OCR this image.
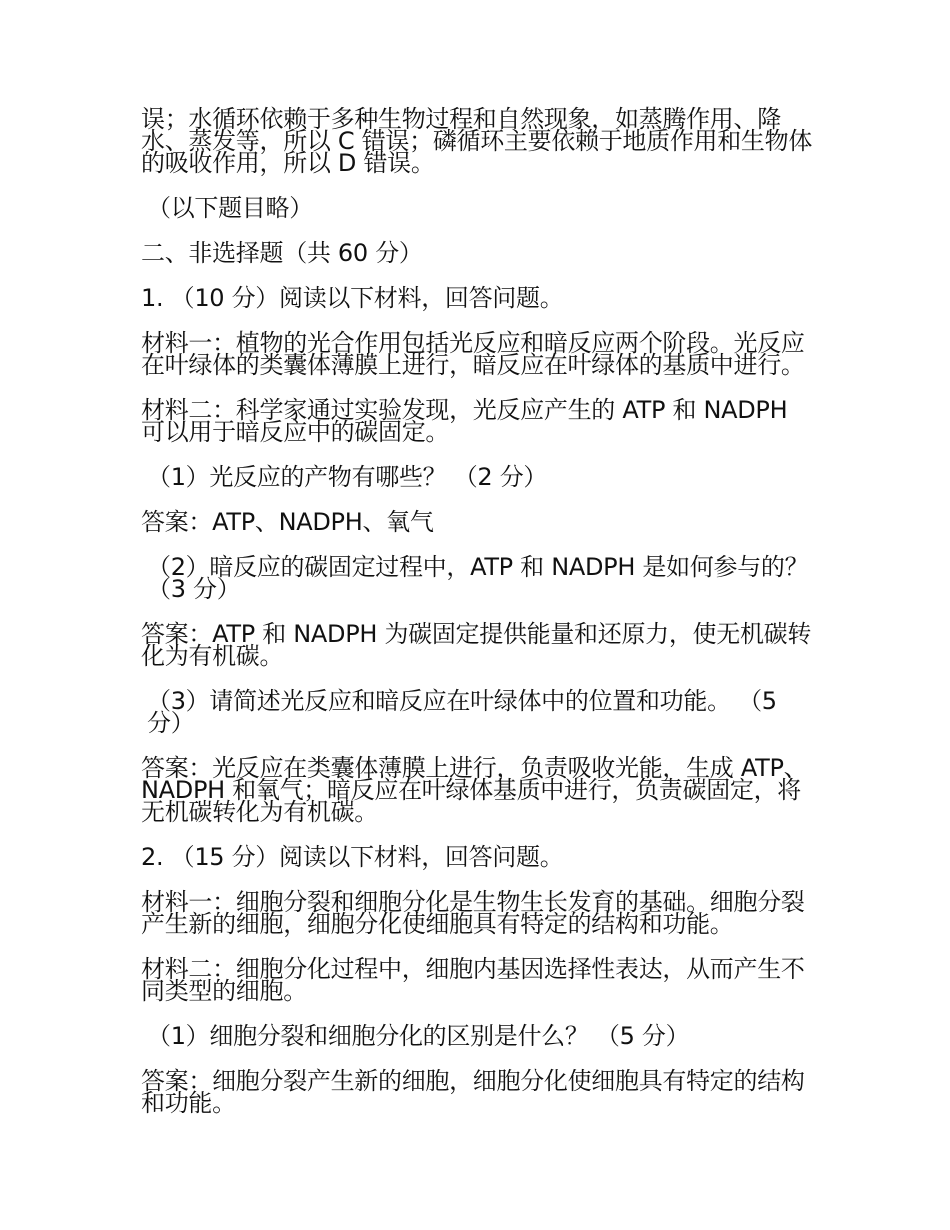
误；水循环依赖于多种生物过程和自然现象，如蒸腾作用、降水、蒸发等，所以 C 错误；磷循环主要依赖于地质作用和生物体的吸收作用，所以 D 错误。

（以下题目略）

二、非选择题（共 60 分）

1. （10 分）阅读以下材料，回答问题。

材料一：植物的光合作用包括光反应和暗反应两个阶段。光反应在叶绿体的类囊体薄膜上进行，暗反应在叶绿体的基质中进行。

材料二：科学家通过实验发现，光反应产生的 ATP 和 NADPH 可以用于暗反应中的碳固定。

（1）光反应的产物有哪些？ （2 分）

答案：ATP、NADPH、氧气

（2）暗反应的碳固定过程中，ATP 和 NADPH 是如何参与的？ （3 分）

答案：ATP 和 NADPH 为碳固定提供能量和还原力，使无机碳转化为有机碳。

（3）请简述光反应和暗反应在叶绿体中的位置和功能。 （5 分）

答案：光反应在类囊体薄膜上进行，负责吸收光能，生成 ATP、NADPH 和氧气；暗反应在叶绿体基质中进行，负责碳固定，将无机碳转化为有机碳。

2. （15 分）阅读以下材料，回答问题。

材料一：细胞分裂和细胞分化是生物生长发育的基础。细胞分裂产生新的细胞，细胞分化使细胞具有特定的结构和功能。

材料二：细胞分化过程中，细胞内基因选择性表达，从而产生不同类型的细胞。

（1）细胞分裂和细胞分化的区别是什么？ （5 分）

答案：细胞分裂产生新的细胞，细胞分化使细胞具有特定的结构和功能。
